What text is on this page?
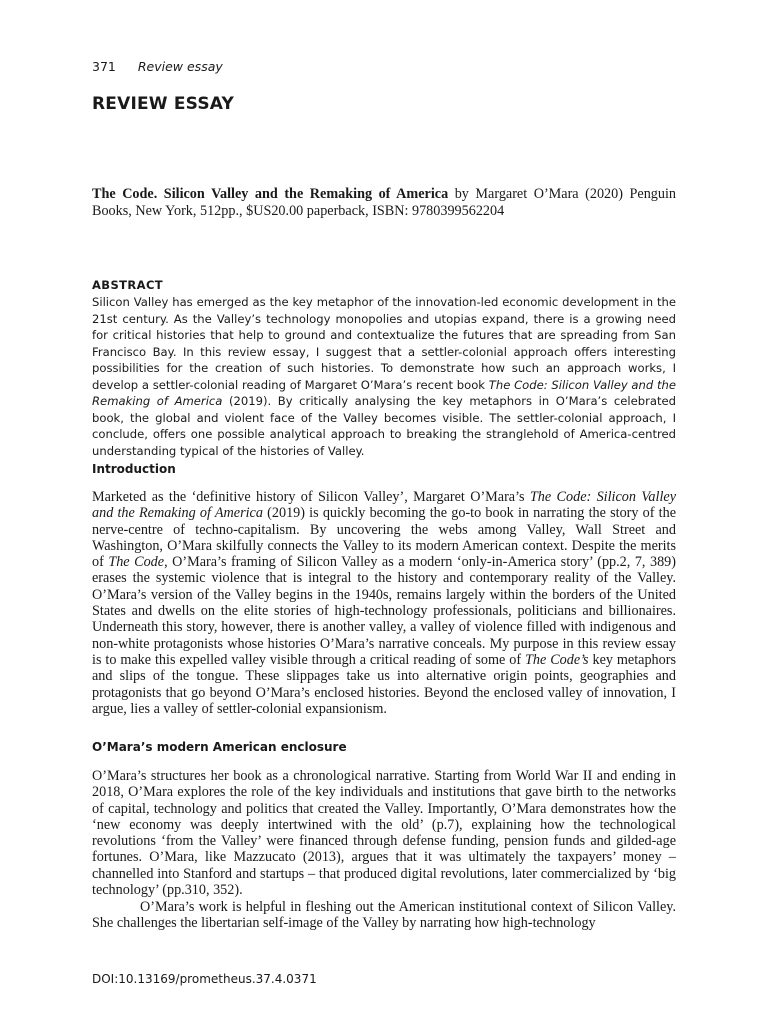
371 Review essay
REVIEW ESSAY

The Code. Silicon Valley and the Remaking of America by Margaret O’Mara (2020) Penguin Books, New York, 512pp., $US20.00 paperback, ISBN: 9780399562204

ABSTRACT

Silicon Valley has emerged as the key metaphor of the innovation-led economic development in the 21st century. As the Valley’s technology monopolies and utopias expand, there is a growing need for critical histories that help to ground and contextualize the futures that are spreading from San Francisco Bay. In this review essay, I suggest that a settler-colonial approach offers interesting possibilities for the creation of such histories. To demonstrate how such an approach works, I develop a settler-colonial reading of Margaret O’Mara’s recent book The Code: Silicon Valley and the Remaking of America (2019). By critically analysing the key metaphors in O’Mara’s celebrated book, the global and violent face of the Valley becomes visible. The settler-colonial approach, I conclude, offers one possible analytical approach to breaking the stranglehold of America-centred understanding typical of the histories of Valley.

Introduction

Marketed as the ‘definitive history of Silicon Valley’, Margaret O’Mara’s The Code: Silicon Valley and the Remaking of America (2019) is quickly becoming the go-to book in narrating the story of the nerve-centre of techno-capitalism. By uncovering the webs among Valley, Wall Street and Washington, O’Mara skilfully connects the Valley to its modern American context. Despite the merits of The Code, O’Mara’s framing of Silicon Valley as a modern ‘only-in-America story’ (pp.2, 7, 389) erases the systemic violence that is integral to the history and contemporary reality of the Valley. O’Mara’s version of the Valley begins in the 1940s, remains largely within the borders of the United States and dwells on the elite stories of high-technology professionals, politicians and billionaires. Underneath this story, however, there is another valley, a valley of violence filled with indigenous and non-white protagonists whose histories O’Mara’s narrative conceals. My purpose in this review essay is to make this expelled valley visible through a critical reading of some of The Code’s key metaphors and slips of the tongue. These slippages take us into alternative origin points, geographies and protagonists that go beyond O’Mara’s enclosed histories. Beyond the enclosed valley of innovation, I argue, lies a valley of settler-colonial expansionism.

O’Mara’s modern American enclosure

O’Mara’s structures her book as a chronological narrative. Starting from World War II and ending in 2018, O’Mara explores the role of the key individuals and institutions that gave birth to the networks of capital, technology and politics that created the Valley. Importantly, O’Mara demonstrates how the ‘new economy was deeply intertwined with the old’ (p.7), explaining how the technological revolutions ‘from the Valley’ were financed through defense funding, pension funds and gilded-age fortunes. O’Mara, like Mazzucato (2013), argues that it was ultimately the taxpayers’ money – channelled into Stanford and startups – that produced digital revolutions, later commercialized by ‘big technology’ (pp.310, 352).

O’Mara’s work is helpful in fleshing out the American institutional context of Silicon Valley. She challenges the libertarian self-image of the Valley by narrating how high-technology

DOI:10.13169/prometheus.37.4.0371
